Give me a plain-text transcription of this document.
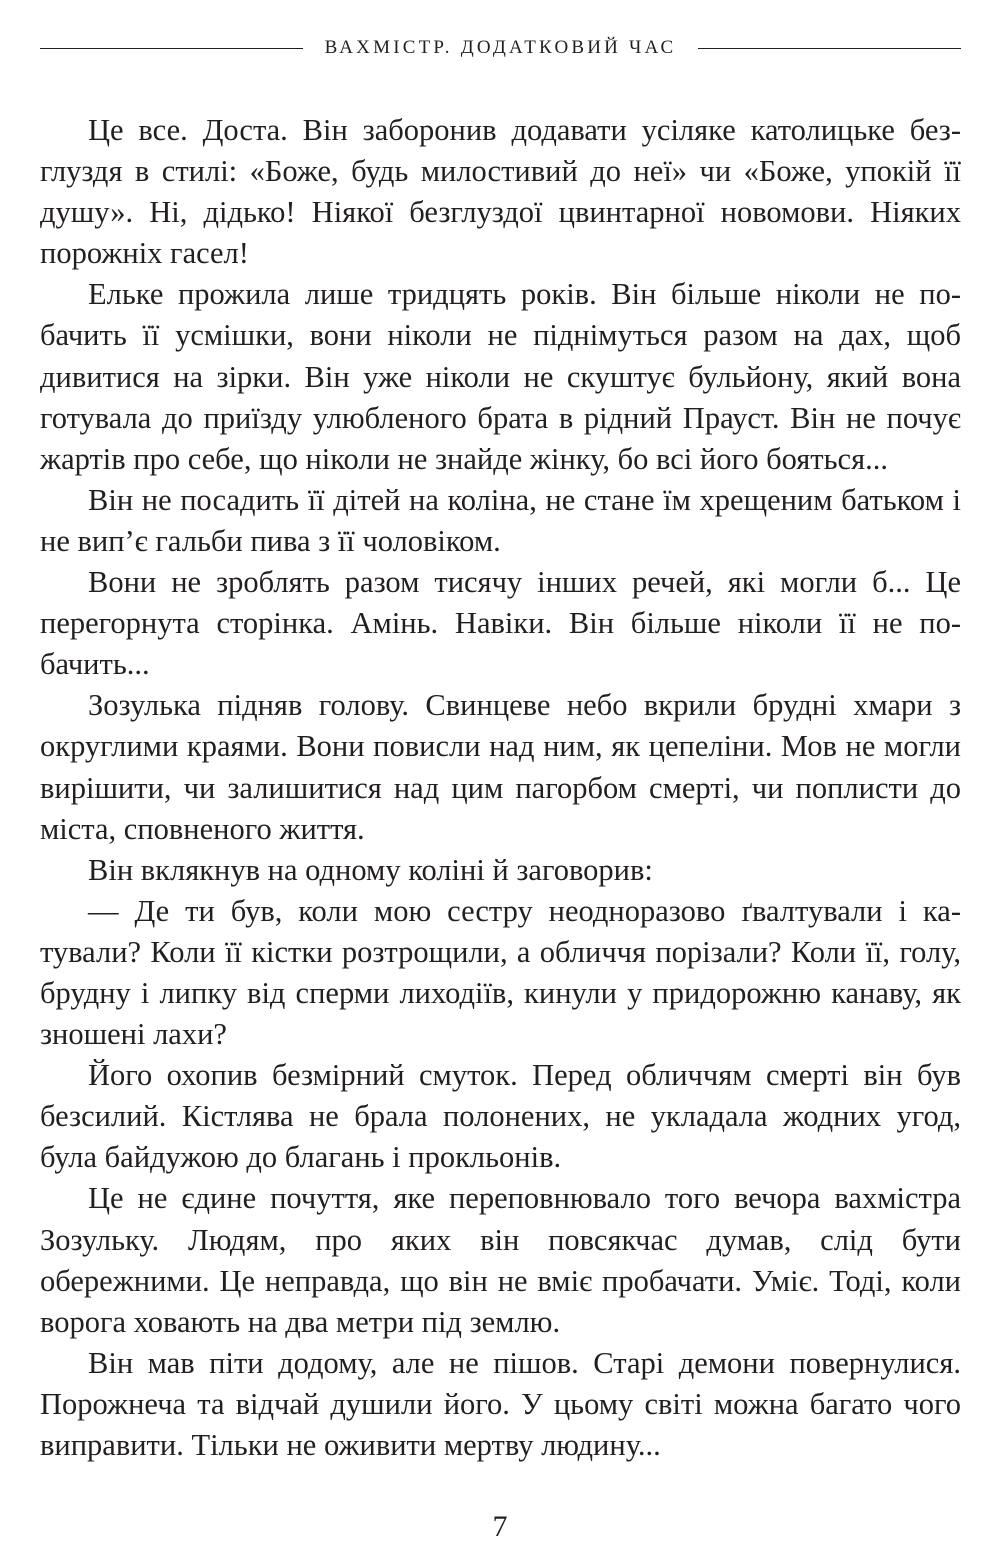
ВАХМІСТР. ДОДАТКОВИЙ ЧАС

Це все. Доста. Він заборонив додавати усіляке католицьке безглуздя в стилі: «Боже, будь милостивий до неї» чи «Боже, упокій її душу». Ні, дідько! Ніякої безглуздої цвинтарної новомови. Ніяких порожніх гасел!

Ельке прожила лише тридцять років. Він більше ніколи не побачить її усмішки, вони ніколи не піднімуться разом на дах, щоб дивитися на зірки. Він уже ніколи не скуштує бульйону, який вона готувала до приїзду улюбленого брата в рідний Прауст. Він не почує жартів про себе, що ніколи не знайде жінку, бо всі його бояться...

Він не посадить її дітей на коліна, не стане їм хрещеним батьком і не вип’є гальби пива з її чоловіком.

Вони не зроблять разом тисячу інших речей, які могли б... Це перегорнута сторінка. Амінь. Навіки. Він більше ніколи її не побачить...

Зозулька підняв голову. Свинцеве небо вкрили брудні хмари з округлими краями. Вони повисли над ним, як цепеліни. Мов не могли вирішити, чи залишитися над цим пагорбом смерті, чи поплисти до міста, сповненого життя.

Він вклякнув на одному коліні й заговорив:

— Де ти був, коли мою сестру неодноразово ґвалтували і катували? Коли її кістки розтрощили, а обличчя порізали? Коли її, голу, брудну і липку від сперми лиходіїв, кинули у придорожню канаву, як зношені лахи?

Його охопив безмірний смуток. Перед обличчям смерті він був безсилий. Кістлява не брала полонених, не укладала жодних угод, була байдужою до благань і прокльонів.

Це не єдине почуття, яке переповнювало того вечора вахмістра Зозульку. Людям, про яких він повсякчас думав, слід бути обережними. Це неправда, що він не вміє пробачати. Уміє. Тоді, коли ворога ховають на два метри під землю.

Він мав піти додому, але не пішов. Старі демони повернулися. Порожнеча та відчай душили його. У цьому світі можна багато чого виправити. Тільки не оживити мертву людину...

7
